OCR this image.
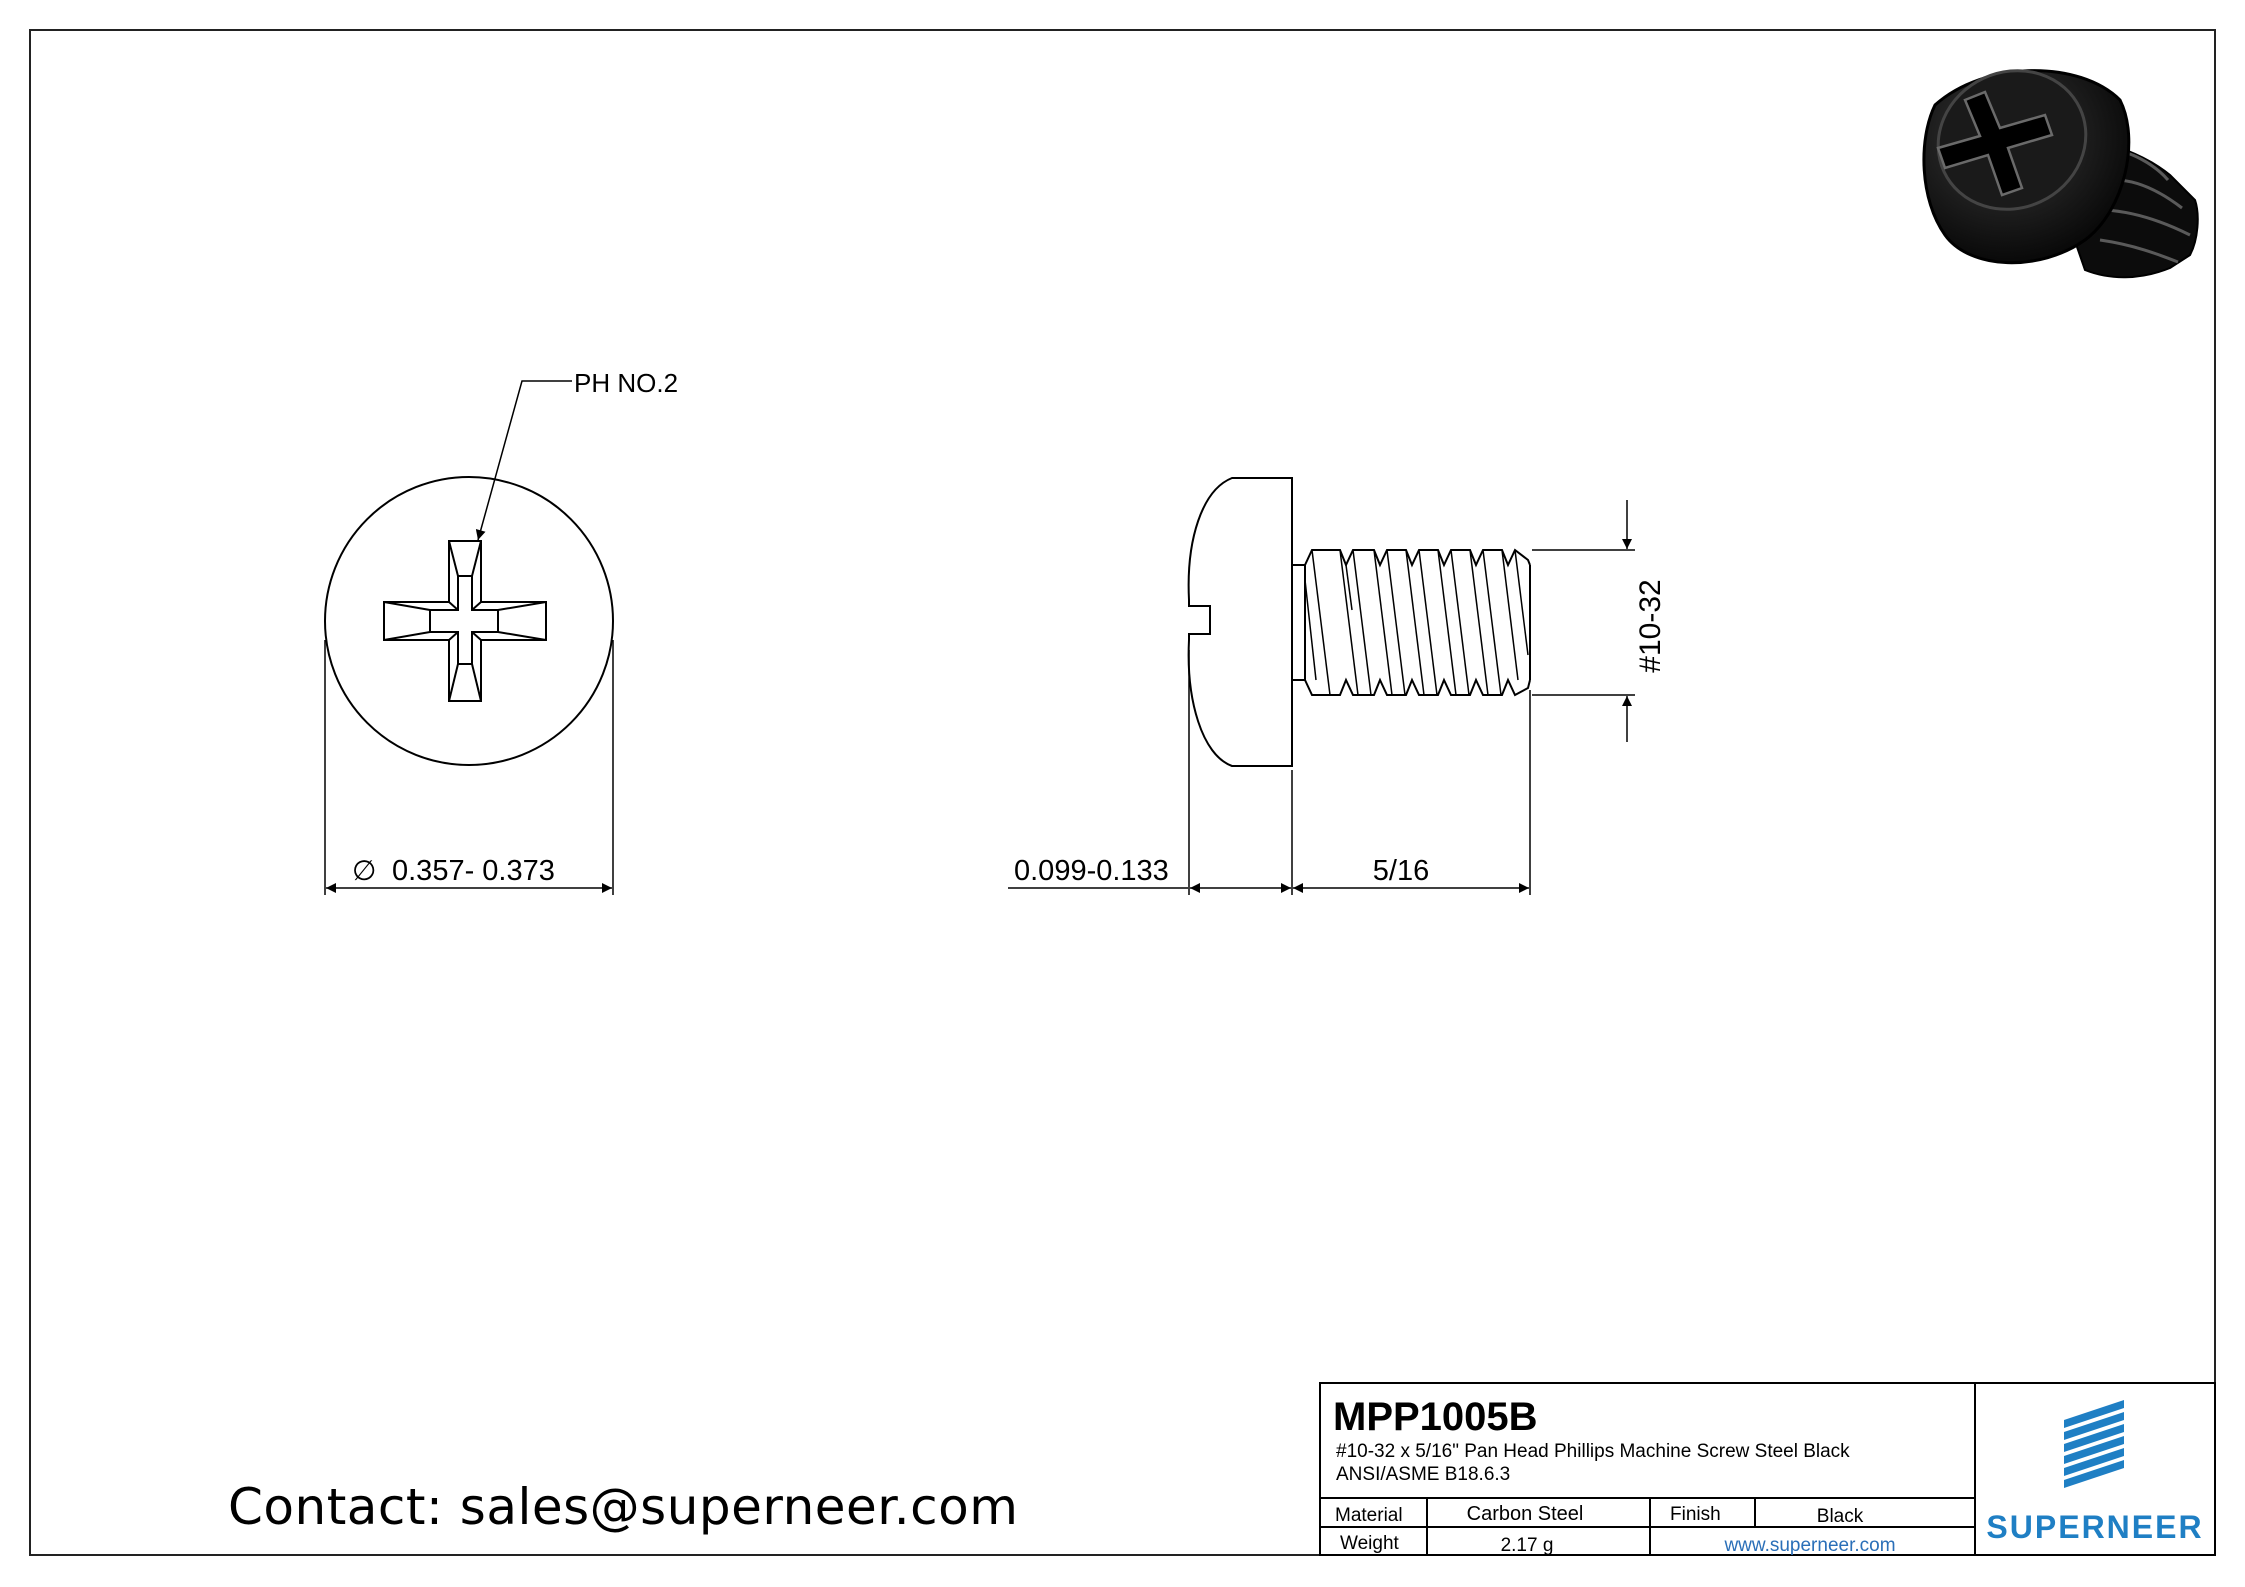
PH NO.2
∅ 0.357- 0.373
#10-32
0.099-0.133	5/16
MPP1005B
#10-32 x 5/16" Pan Head Phillips Machine Screw Steel Black
ANSI/ASME B18.6.3
Material	Carbon Steel	Finish	Black
Weight	2.17 g	www.superneer.com
SUPERNEER
Contact: sales@superneer.com
